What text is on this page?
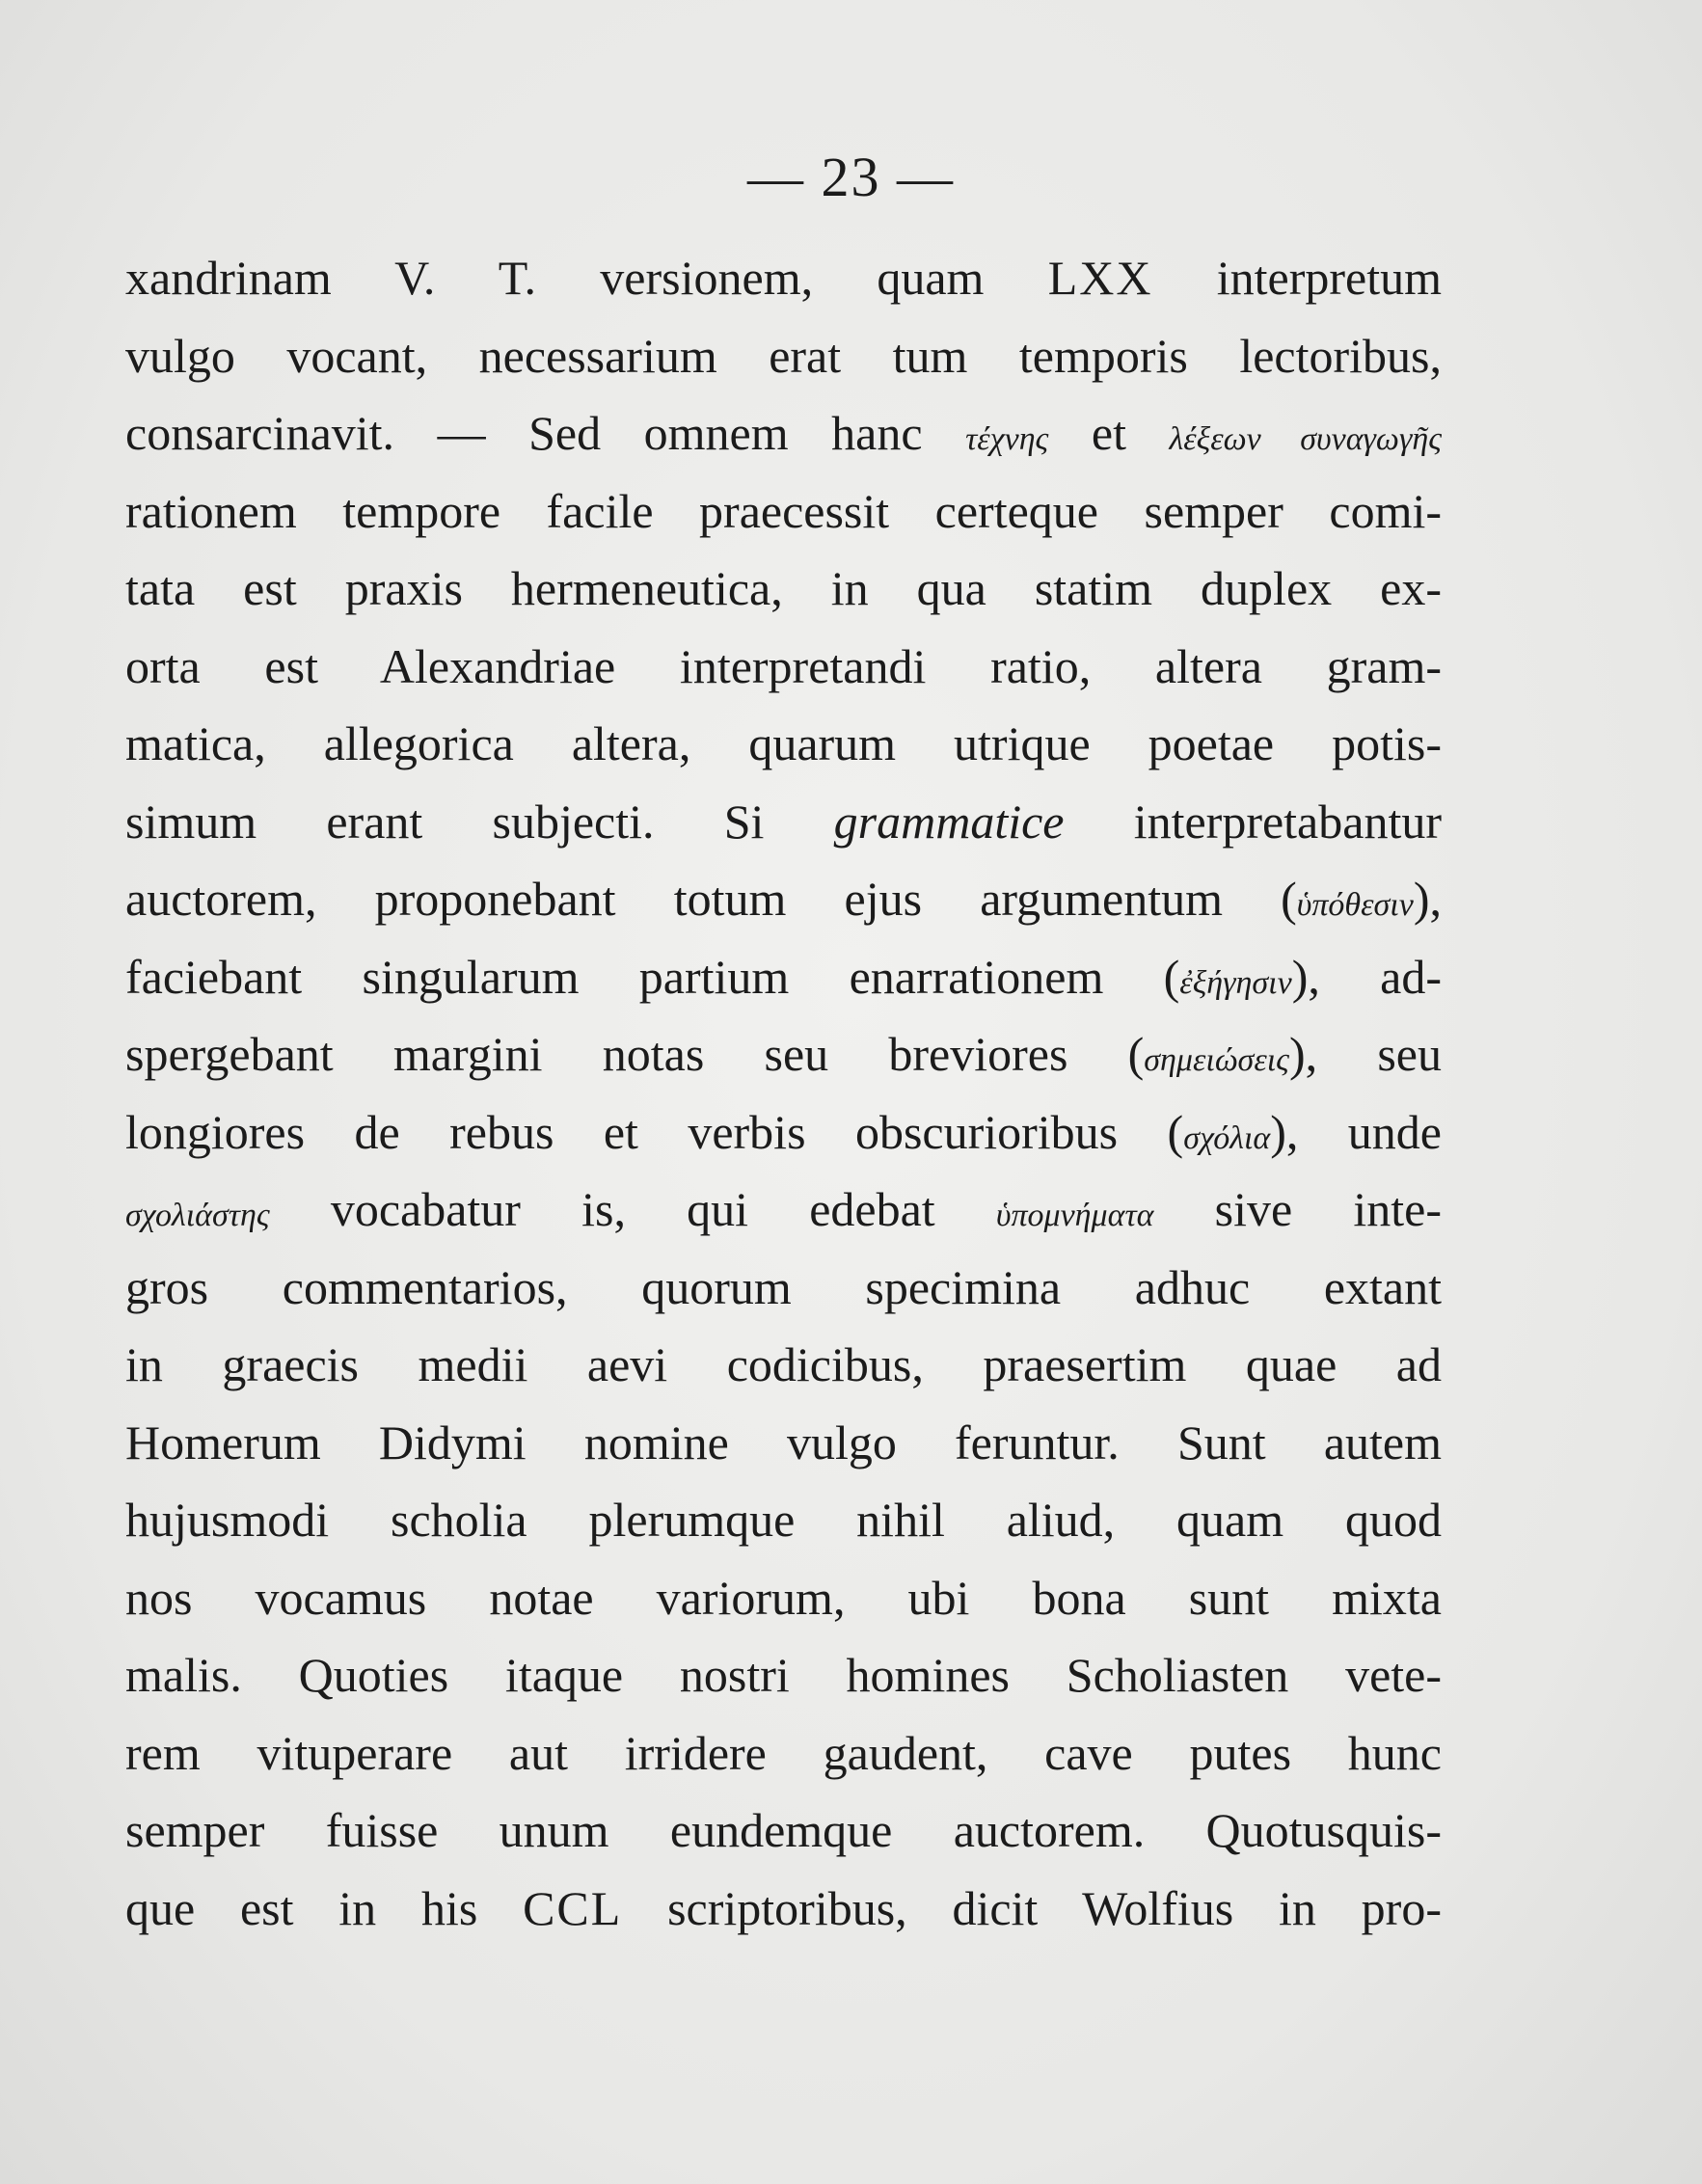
— 23 —
xandrinam V. T. versionem, quam LXX interpretum
vulgo vocant, necessarium erat tum temporis lectoribus,
consarcinavit. — Sed omnem hanc τέχνης et λέξεων συναγωγῆς
rationem tempore facile praecessit certeque semper comi-
tata est praxis hermeneutica, in qua statim duplex ex-
orta est Alexandriae interpretandi ratio, altera gram-
matica, allegorica altera, quarum utrique poetae potis-
simum erant subjecti. Si grammatice interpretabantur
auctorem, proponebant totum ejus argumentum (ὑπόθεσιν),
faciebant singularum partium enarrationem (ἐξήγησιν), ad-
spergebant margini notas seu breviores (σημειώσεις), seu
longiores de rebus et verbis obscurioribus (σχόλια), unde
σχολιάστης vocabatur is, qui edebat ὑπομνήματα sive inte-
gros commentarios, quorum specimina adhuc extant
in graecis medii aevi codicibus, praesertim quae ad
Homerum Didymi nomine vulgo feruntur. Sunt autem
hujusmodi scholia plerumque nihil aliud, quam quod
nos vocamus notae variorum, ubi bona sunt mixta
malis. Quoties itaque nostri homines Scholiasten vete-
rem vituperare aut irridere gaudent, cave putes hunc
semper fuisse unum eundemque auctorem. Quotusquis-
que est in his CCL scriptoribus, dicit Wolfius in pro-
